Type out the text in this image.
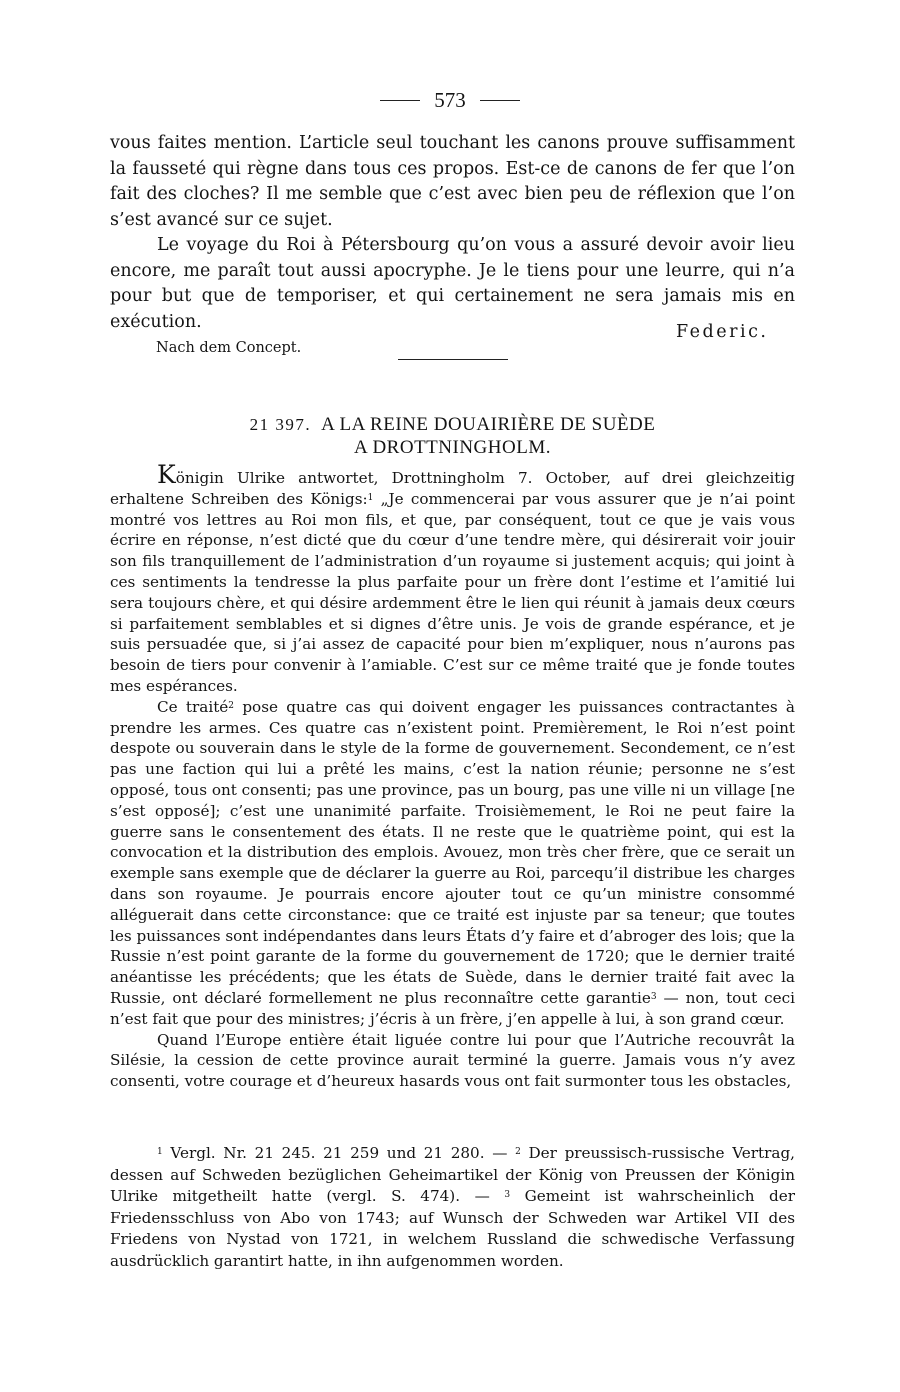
573

vous faites mention. L’article seul touchant les canons prouve suffisamment la fausseté qui règne dans tous ces propos. Est-ce de canons de fer que l’on fait des cloches? Il me semble que c’est avec bien peu de réflexion que l’on s’est avancé sur ce sujet.

Le voyage du Roi à Pétersbourg qu’on vous a assuré devoir avoir lieu encore, me paraît tout aussi apocryphe. Je le tiens pour une leurre, qui n’a pour but que de temporiser, et qui certainement ne sera jamais mis en exécution.

Federic.
Nach dem Concept.
21 397. A LA REINE DOUAIRIÈRE DE SUÈDE
A DROTTNINGHOLM.

Königin Ulrike antwortet, Drottningholm 7. October, auf drei gleichzeitig erhaltene Schreiben des Königs:$^1$ „Je commencerai par vous assurer que je n’ai point montré vos lettres au Roi mon fils, et que, par conséquent, tout ce que je vais vous écrire en réponse, n’est dicté que du cœur d’une tendre mère, qui désirerait voir jouir son fils tranquillement de l’administration d’un royaume si justement acquis; qui joint à ces sentiments la tendresse la plus parfaite pour un frère dont l’estime et l’amitié lui sera toujours chère, et qui désire ardemment être le lien qui réunit à jamais deux cœurs si parfaitement semblables et si dignes d’être unis. Je vois de grande espérance, et je suis persuadée que, si j’ai assez de capacité pour bien m’expliquer, nous n’aurons pas besoin de tiers pour convenir à l’amiable. C’est sur ce même traité que je fonde toutes mes espérances.

Ce traité$^2$ pose quatre cas qui doivent engager les puissances contractantes à prendre les armes. Ces quatre cas n’existent point. Premièrement, le Roi n’est point despote ou souverain dans le style de la forme de gouvernement. Secondement, ce n’est pas une faction qui lui a prêté les mains, c’est la nation réunie; personne ne s’est opposé, tous ont consenti; pas une province, pas un bourg, pas une ville ni un village [ne s’est opposé]; c’est une unanimité parfaite. Troisièmement, le Roi ne peut faire la guerre sans le consentement des états. Il ne reste que le quatrième point, qui est la convocation et la distribution des emplois. Avouez, mon très cher frère, que ce serait un exemple sans exemple que de déclarer la guerre au Roi, parcequ’il distribue les charges dans son royaume. Je pourrais encore ajouter tout ce qu’un ministre consommé alléguerait dans cette circonstance: que ce traité est injuste par sa teneur; que toutes les puissances sont indépendantes dans leurs États d’y faire et d’abroger des lois; que la Russie n’est point garante de la forme du gouvernement de 1720; que le dernier traité anéantisse les précédents; que les états de Suède, dans le dernier traité fait avec la Russie, ont déclaré formellement ne plus reconnaître cette garantie$^3$ — non, tout ceci n’est fait que pour des ministres; j’écris à un frère, j’en appelle à lui, à son grand cœur.

Quand l’Europe entière était liguée contre lui pour que l’Autriche recouvrât la Silésie, la cession de cette province aurait terminé la guerre. Jamais vous n’y avez consenti, votre courage et d’heureux hasards vous ont fait surmonter tous les obstacles,

$^1$ Vergl. Nr. 21 245. 21 259 und 21 280. — $^2$ Der preussisch-russische Vertrag, dessen auf Schweden bezüglichen Geheimartikel der König von Preussen der Königin Ulrike mitgetheilt hatte (vergl. S. 474). — $^3$ Gemeint ist wahrscheinlich der Friedensschluss von Abo von 1743; auf Wunsch der Schweden war Artikel VII des Friedens von Nystad von 1721, in welchem Russland die schwedische Verfassung ausdrücklich garantirt hatte, in ihn aufgenommen worden.
